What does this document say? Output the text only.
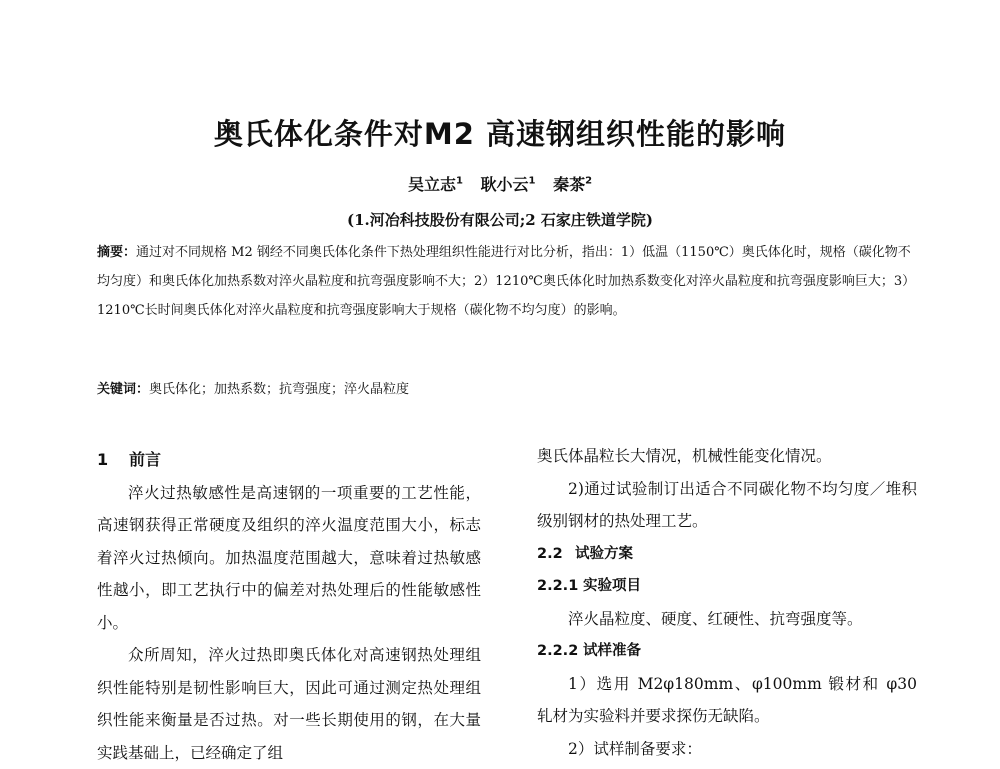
奥氏体化条件对M2 高速钢组织性能的影响
吴立志$^1$ 耿小云$^1$ 秦茶$^2$
(1.河冶科技股份有限公司;2 石家庄铁道学院)

摘要：通过对不同规格 M2 钢经不同奥氏体化条件下热处理组织性能进行对比分析，指出：1）低温（1150℃）奥氏体化时，规格（碳化物不均匀度）和奥氏体化加热系数对淬火晶粒度和抗弯强度影响不大；2）1210℃奥氏体化时加热系数变化对淬火晶粒度和抗弯强度影响巨大；3）1210℃长时间奥氏体化对淬火晶粒度和抗弯强度影响大于规格（碳化物不均匀度）的影响。

关键词：奥氏体化；加热系数；抗弯强度；淬火晶粒度

1 前言

淬火过热敏感性是高速钢的一项重要的工艺性能，高速钢获得正常硬度及组织的淬火温度范围大小，标志着淬火过热倾向。加热温度范围越大，意味着过热敏感性越小，即工艺执行中的偏差对热处理后的性能敏感性小。

众所周知，淬火过热即奥氏体化对高速钢热处理组织性能特别是韧性影响巨大，因此可通过测定热处理组织性能来衡量是否过热。对一些长期使用的钢，在大量实践基础上，已经确定了组

奥氏体晶粒长大情况，机械性能变化情况。

2)通过试验制订出适合不同碳化物不均匀度／堆积级别钢材的热处理工艺。

2.2 试验方案
2.2.1 实验项目

淬火晶粒度、硬度、红硬性、抗弯强度等。

2.2.2 试样准备

1）选用 M2φ180mm、φ100mm 锻材和 φ30 轧材为实验料并要求探伤无缺陷。

2）试样制备要求：
